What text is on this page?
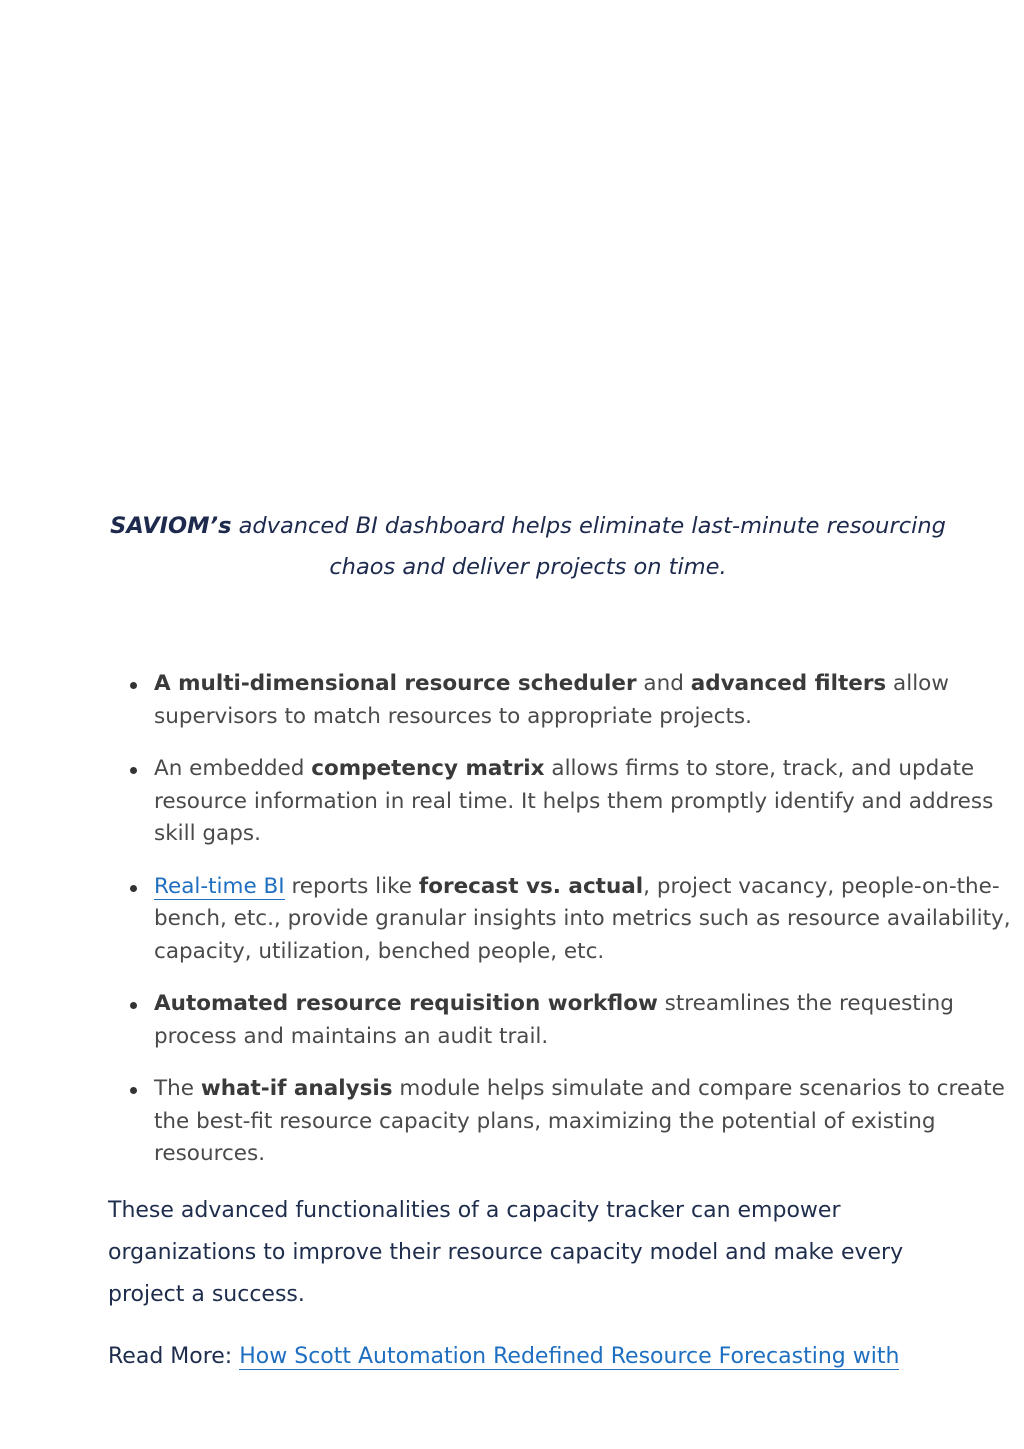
SAVIOM’s advanced BI dashboard helps eliminate last-minute resourcing chaos and deliver projects on time.

A multi-dimensional resource scheduler and advanced filters allow supervisors to match resources to appropriate projects.
An embedded competency matrix allows firms to store, track, and update resource information in real time. It helps them promptly identify and address skill gaps.
Real-time BI reports like forecast vs. actual, project vacancy, people-on-the-bench, etc., provide granular insights into metrics such as resource availability, capacity, utilization, benched people, etc.
Automated resource requisition workflow streamlines the requesting process and maintains an audit trail.
The what-if analysis module helps simulate and compare scenarios to create the best-fit resource capacity plans, maximizing the potential of existing resources.

These advanced functionalities of a capacity tracker can empower organizations to improve their resource capacity model and make every project a success.

Read More: How Scott Automation Redefined Resource Forecasting with
